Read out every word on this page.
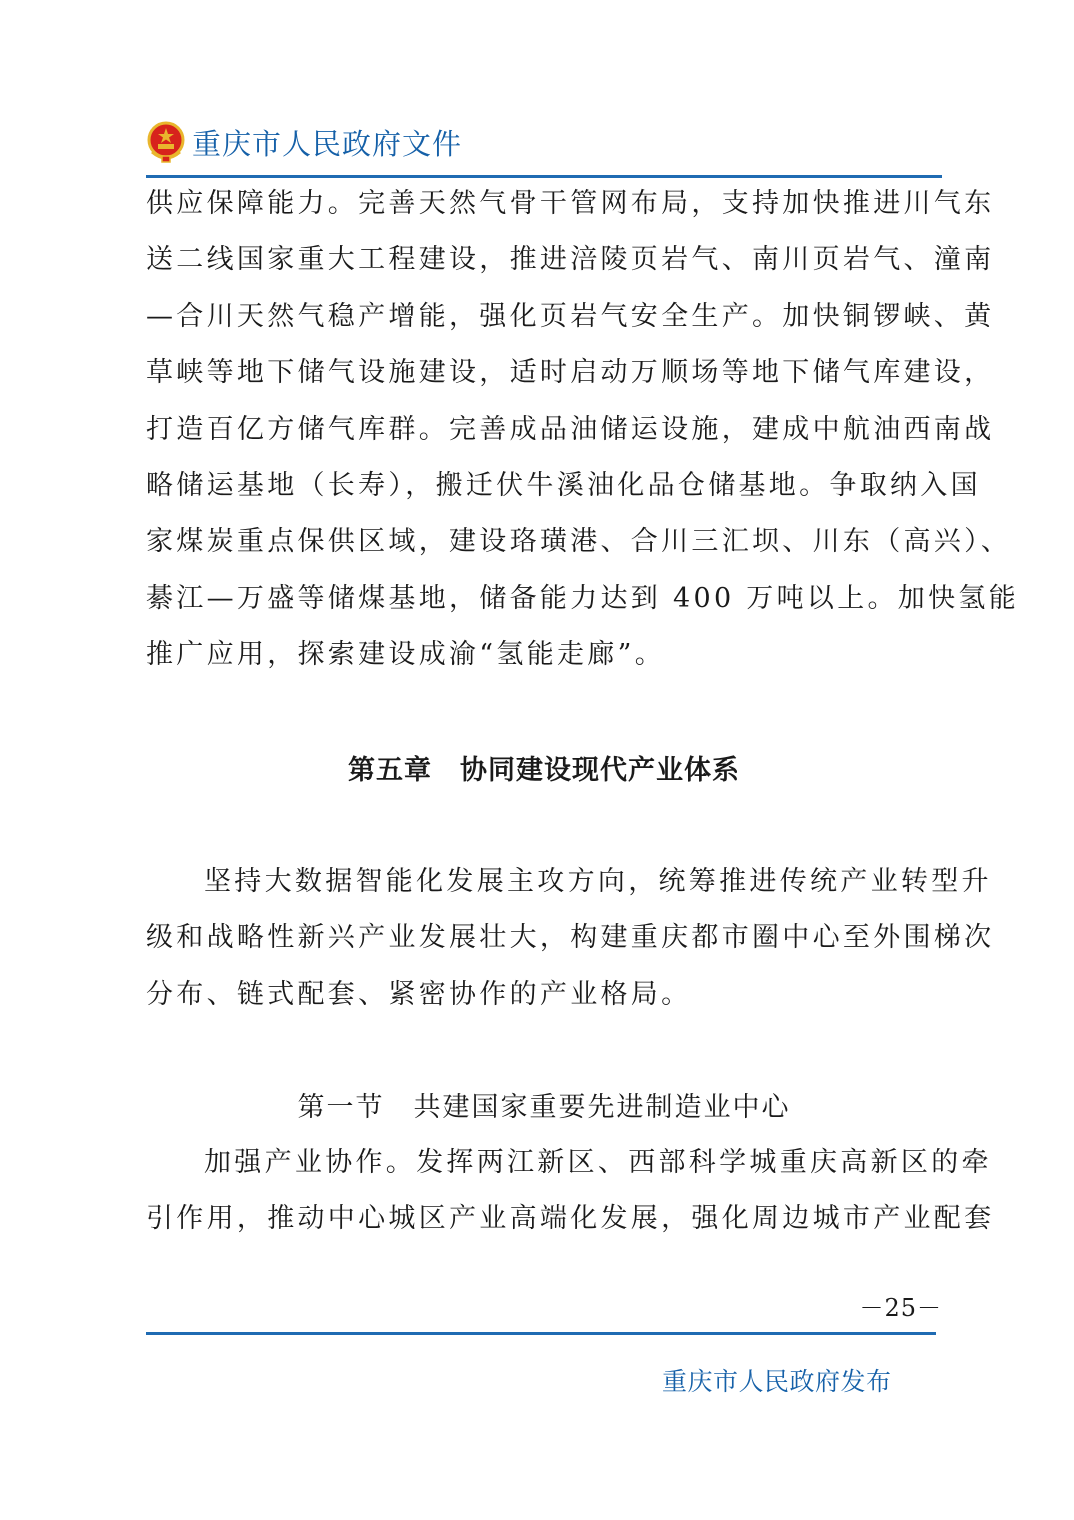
重庆市人民政府文件
供应保障能力。完善天然气骨干管网布局，支持加快推进川气东
送二线国家重大工程建设，推进涪陵页岩气、南川页岩气、潼南
—合川天然气稳产增能，强化页岩气安全生产。加快铜锣峡、黄
草峡等地下储气设施建设，适时启动万顺场等地下储气库建设，
打造百亿方储气库群。完善成品油储运设施，建成中航油西南战
略储运基地（长寿），搬迁伏牛溪油化品仓储基地。争取纳入国
家煤炭重点保供区域，建设珞璜港、合川三汇坝、川东（高兴）、
綦江—万盛等储煤基地，储备能力达到 400 万吨以上。加快氢能
推广应用，探索建设成渝“氢能走廊”。
第五章　协同建设现代产业体系
坚持大数据智能化发展主攻方向，统筹推进传统产业转型升
级和战略性新兴产业发展壮大，构建重庆都市圈中心至外围梯次
分布、链式配套、紧密协作的产业格局。
第一节　共建国家重要先进制造业中心
加强产业协作。发挥两江新区、西部科学城重庆高新区的牵
引作用，推动中心城区产业高端化发展，强化周边城市产业配套
－25－
重庆市人民政府发布
